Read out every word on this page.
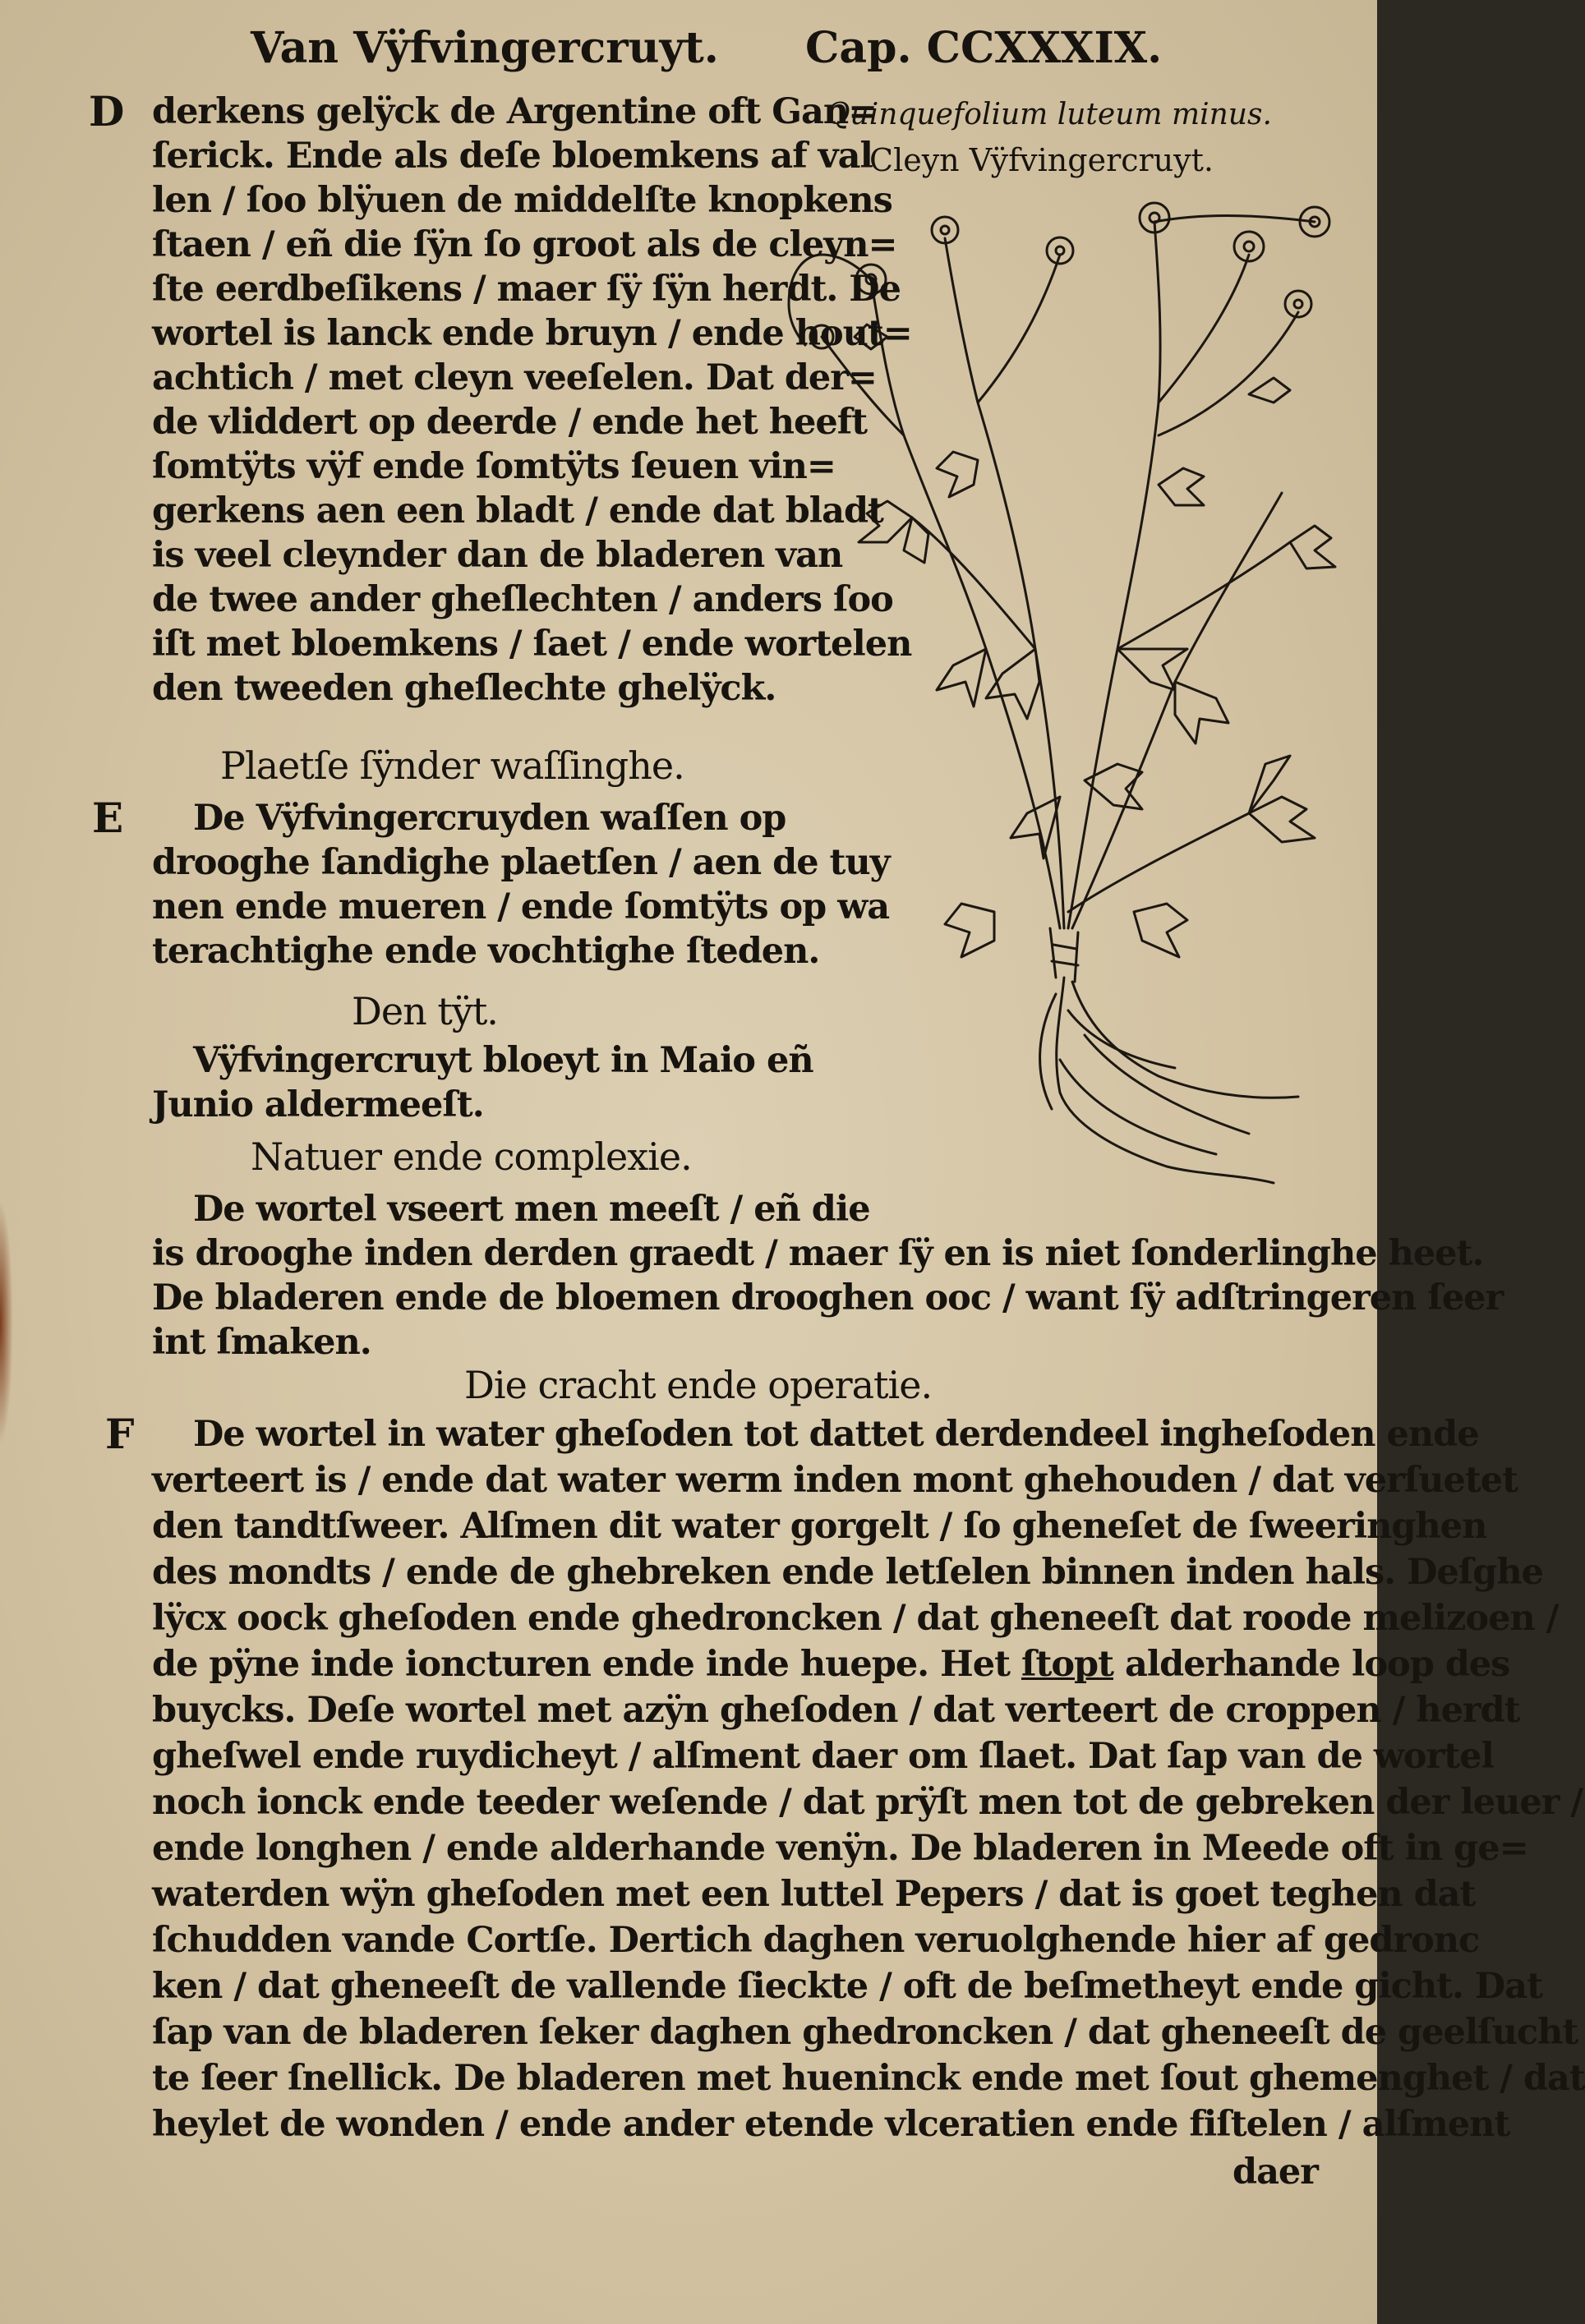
Van Vÿfvingercruyt. Cap. CCXXXIX.
Quinquefolium luteum minus.
Cleyn Vÿfvingercruyt.
D derkens gelÿck de Argentine oft Gan=
ſerick. Ende als deſe bloemkens af val
len / ſoo blÿuen de middelſte knopkens
ſtaen / eñ die ſÿn ſo groot als de cleyn=
ſte eerdbeſikens / maer ſÿ ſÿn herdt. De
wortel is lanck ende bruyn / ende hout=
achtich / met cleyn veeſelen. Dat der=
de vliddert op deerde / ende het heeft
ſomtÿts vÿf ende ſomtÿts ſeuen vin=
gerkens aen een bladt / ende dat bladt
is veel cleynder dan de bladeren van
de twee ander gheſlechten / anders ſoo
iſt met bloemkens / ſaet / ende wortelen
den tweeden gheſlechte ghelÿck.
Plaetſe ſÿnder waſſinghe.
E De Vÿfvingercruyden waſſen op
drooghe ſandighe plaetſen / aen de tuy
nen ende mueren / ende ſomtÿts op wa
terachtighe ende vochtighe ſteden.
Den tÿt.
Vÿfvingercruyt bloeyt in Maio eñ
Junio aldermeeſt.
Natuer ende complexie.
De wortel vseert men meeſt / eñ die
is drooghe inden derden graedt / maer ſÿ en is niet ſonderlinghe heet.
De bladeren ende de bloemen drooghen ooc / want ſÿ adſtringeren ſeer
int ſmaken.
Die cracht ende operatie.
F De wortel in water gheſoden tot dattet derdendeel ingheſoden ende
verteert is / ende dat water werm inden mont ghehouden / dat verſuetet
den tandtſweer. Alſmen dit water gorgelt / ſo gheneſet de ſweeringhen
des mondts / ende de ghebreken ende letſelen binnen inden hals. Deſghe
lÿcx oock gheſoden ende ghedroncken / dat gheneeſt dat roode melizoen /
de pÿne inde ioncturen ende inde huepe. Het ſtopt alderhande loop des
buycks. Deſe wortel met azÿn gheſoden / dat verteert de croppen / herdt
gheſwel ende ruydicheyt / alſment daer om ſlaet. Dat ſap van de wortel
noch ionck ende teeder weſende / dat prÿſt men tot de gebreken der leuer /
ende longhen / ende alderhande venÿn. De bladeren in Meede oft in ge=
waterden wÿn gheſoden met een luttel Pepers / dat is goet teghen dat
ſchudden vande Cortſe. Dertich daghen veruolghende hier af gedronc
ken / dat gheneeſt de vallende ſieckte / oft de beſmetheyt ende gicht. Dat
ſap van de bladeren ſeker daghen ghedroncken / dat gheneeſt de geelſucht
te ſeer ſnellick. De bladeren met hueninck ende met ſout ghemenghet / dat
heylet de wonden / ende ander etende vlceratien ende fiſtelen / alſment
daer
